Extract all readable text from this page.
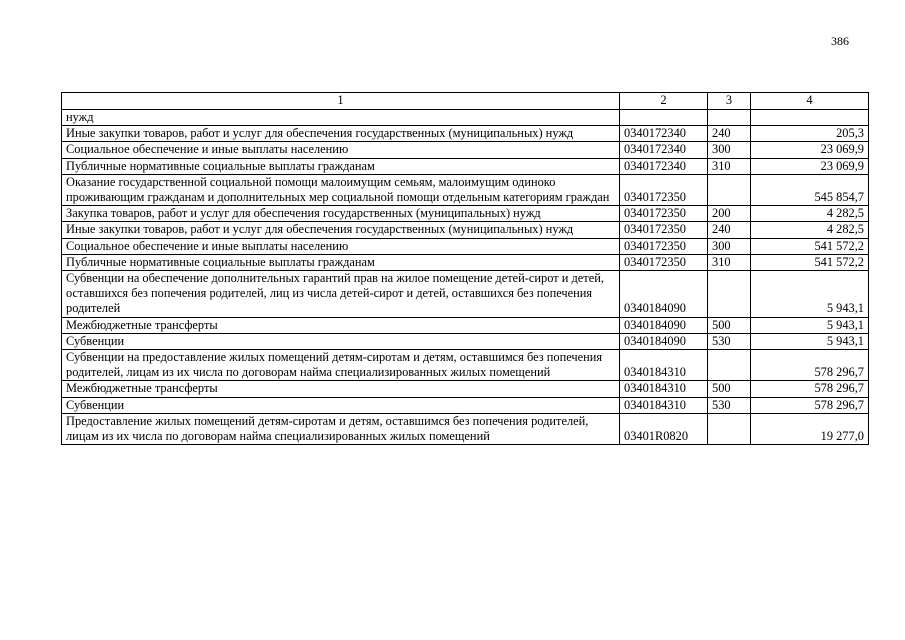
386
1	2	3	4
нужд			
Иные закупки товаров, работ и услуг для обеспечения государственных (муниципальных) нужд	0340172340	240	205,3
Социальное обеспечение и иные выплаты населению	0340172340	300	23 069,9
Публичные нормативные социальные выплаты гражданам	0340172340	310	23 069,9
Оказание государственной социальной помощи малоимущим семьям, малоимущим одиноко проживающим гражданам и дополнительных мер социальной помощи отдельным категориям граждан	0340172350		545 854,7
Закупка товаров, работ и услуг для обеспечения государственных (муниципальных) нужд	0340172350	200	4 282,5
Иные закупки товаров, работ и услуг для обеспечения государственных (муниципальных) нужд	0340172350	240	4 282,5
Социальное обеспечение и иные выплаты населению	0340172350	300	541 572,2
Публичные нормативные социальные выплаты гражданам	0340172350	310	541 572,2
Субвенции на обеспечение дополнительных гарантий прав на жилое помещение детей-сирот и детей, оставшихся без попечения родителей, лиц из числа детей-сирот и детей, оставшихся без попечения родителей	0340184090		5 943,1
Межбюджетные трансферты	0340184090	500	5 943,1
Субвенции	0340184090	530	5 943,1
Субвенции на предоставление жилых помещений детям-сиротам и детям, оставшимся без попечения родителей, лицам из их числа по договорам найма специализированных жилых помещений	0340184310		578 296,7
Межбюджетные трансферты	0340184310	500	578 296,7
Субвенции	0340184310	530	578 296,7
Предоставление жилых помещений детям-сиротам и детям, оставшимся без попечения родителей, лицам из их числа по договорам найма специализированных жилых помещений	03401R0820		19 277,0
